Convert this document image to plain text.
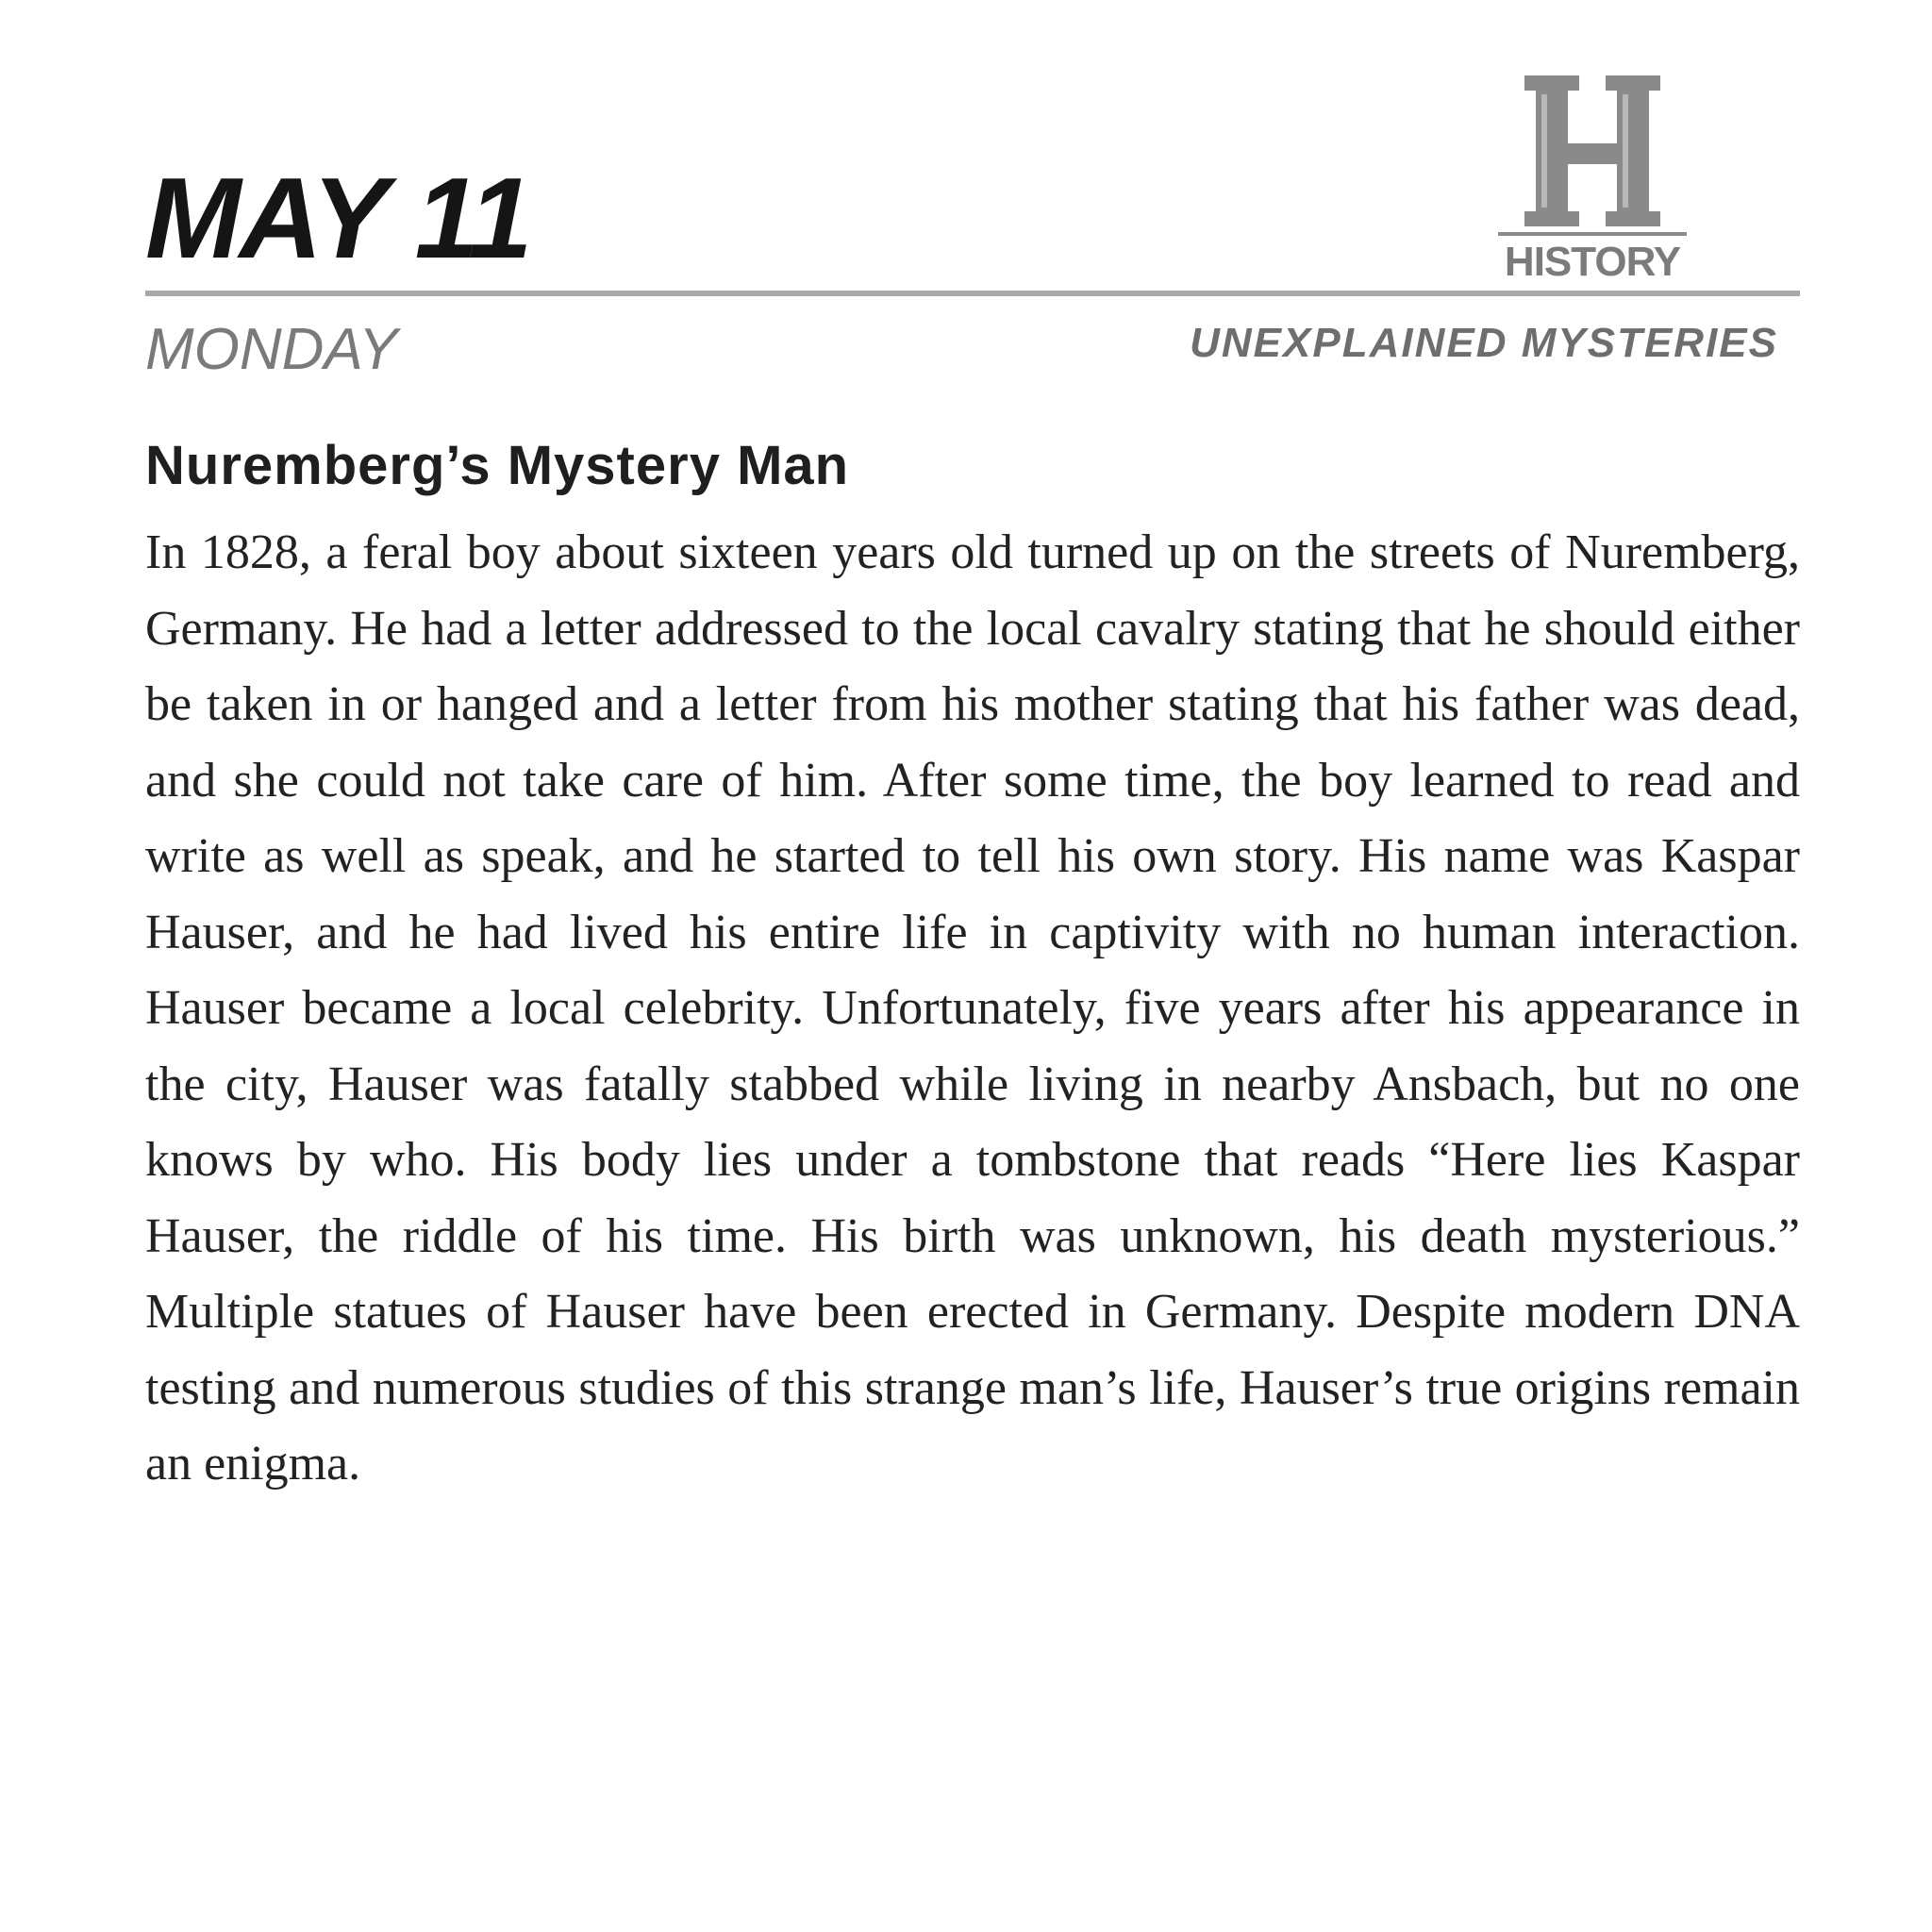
MAY 11	HISTORY
MONDAY	UNEXPLAINED MYSTERIES
Nuremberg’s Mystery Man

In 1828, a feral boy about sixteen years old turned up on the streets of Nuremberg, Germany. He had a letter addressed to the local cavalry stating that he should either be taken in or hanged and a letter from his mother stating that his father was dead, and she could not take care of him. After some time, the boy learned to read and write as well as speak, and he started to tell his own story. His name was Kaspar Hauser, and he had lived his entire life in captivity with no human interaction. Hauser became a local celebrity. Unfortunately, five years after his appearance in the city, Hauser was fatally stabbed while living in nearby Ansbach, but no one knows by who. His body lies under a tombstone that reads “Here lies Kaspar Hauser, the riddle of his time. His birth was unknown, his death mysterious.” Multiple statues of Hauser have been erected in Germany. Despite modern DNA testing and numerous studies of this strange man’s life, Hauser’s true origins remain an enigma.
